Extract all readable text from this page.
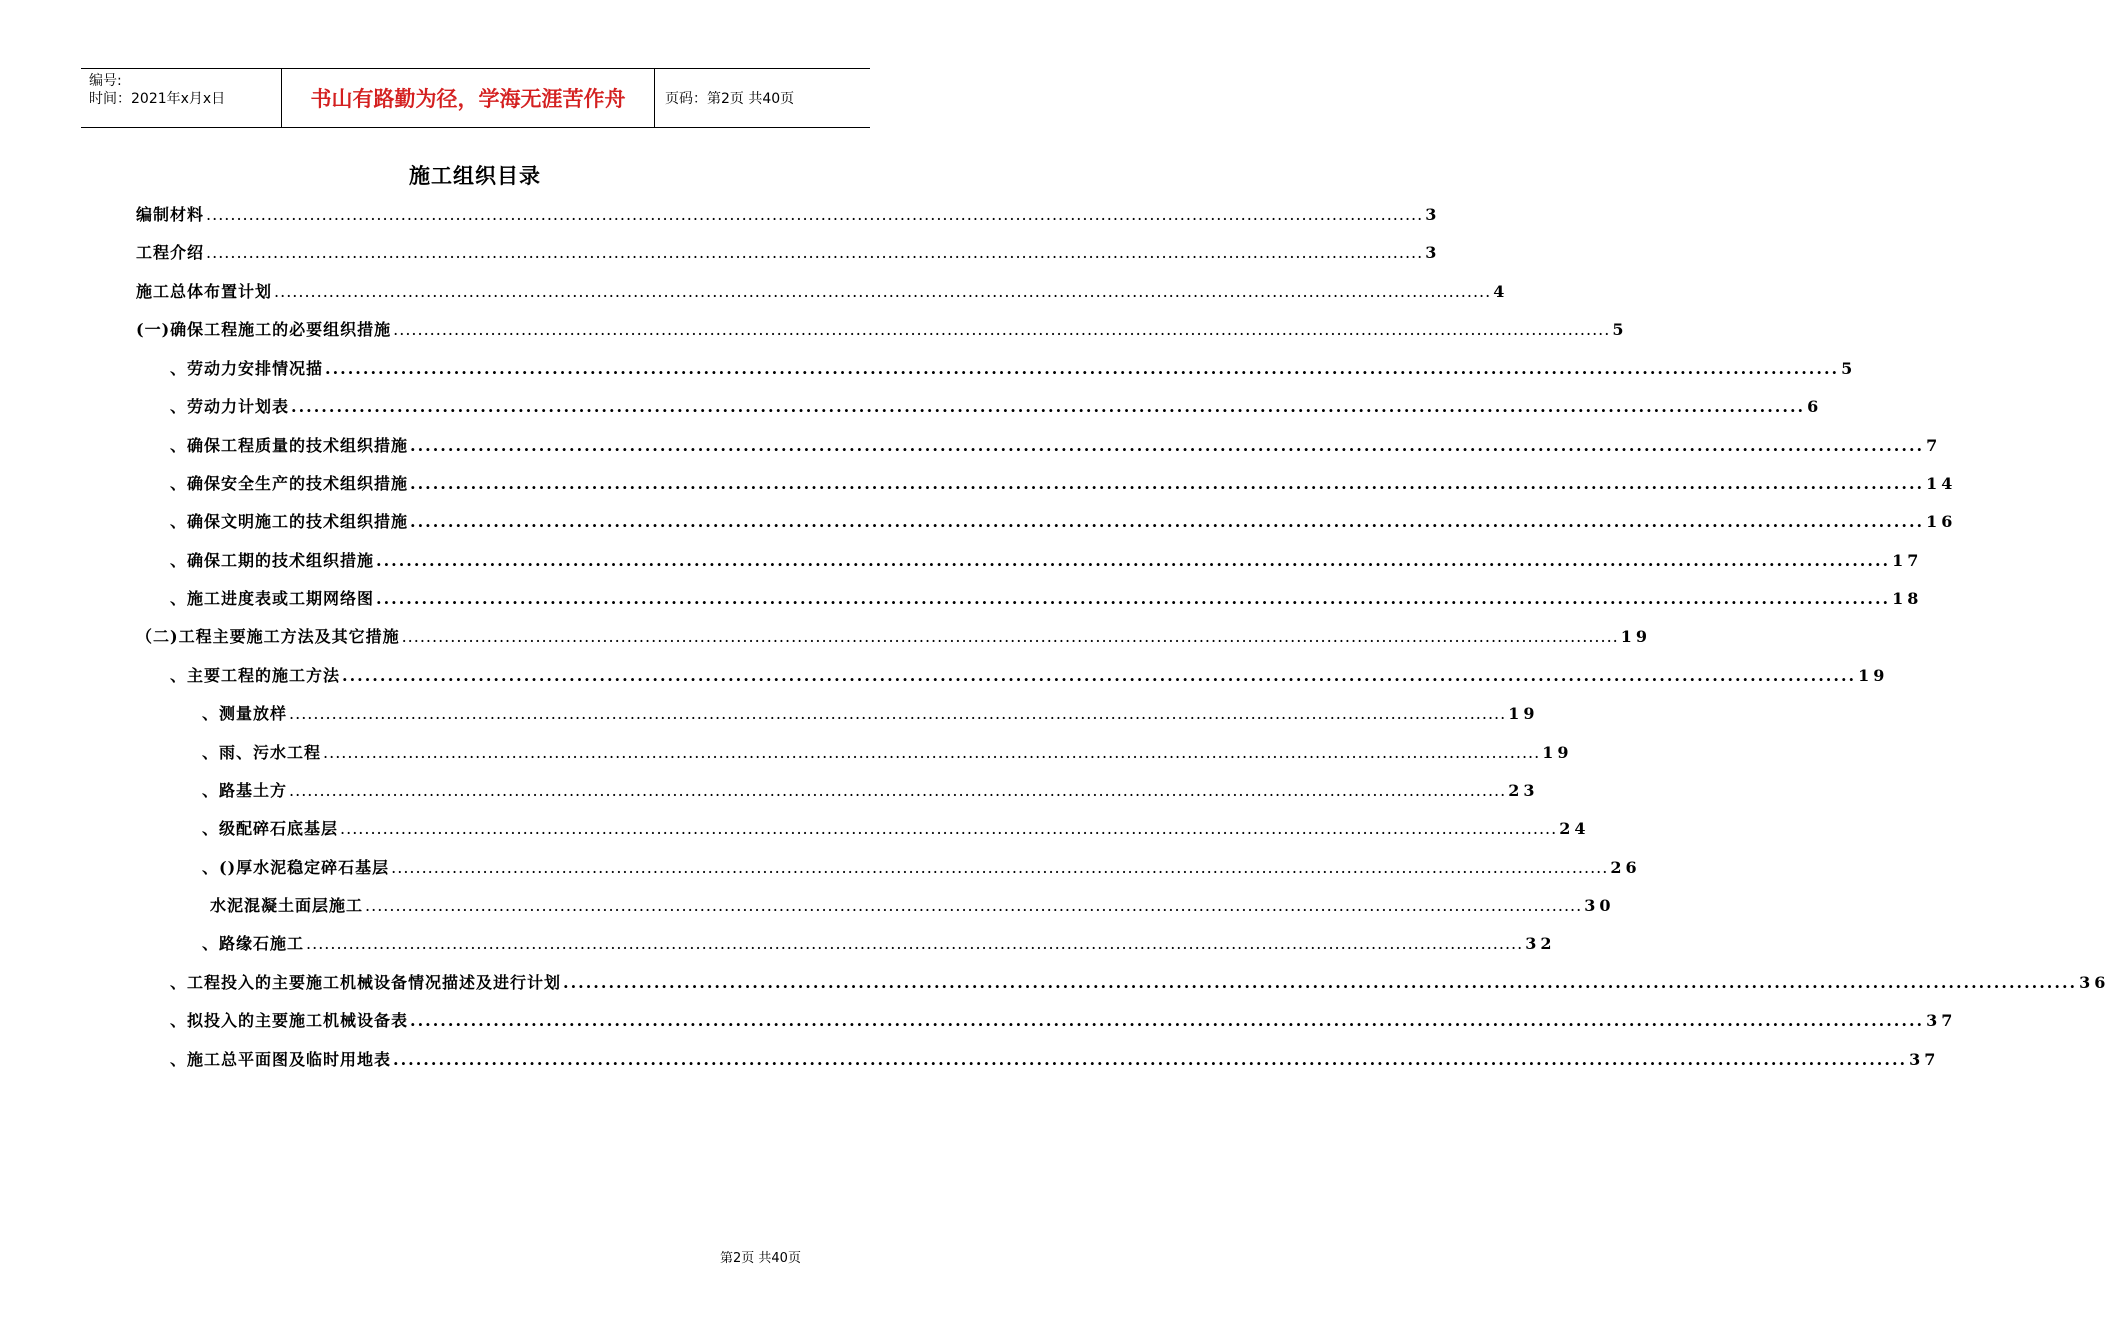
编号:
时间：2021年x月x日	书山有路勤为径，学海无涯苦作舟	页码：第2页 共40页
施工组织目录
编制材料 ........................................................................................................................................................................................................ 3
工程介绍 ........................................................................................................................................................................................................ 3
施工总体布置计划 ........................................................................................................................................................................................................ 4
(一)确保工程施工的必要组织措施 ........................................................................................................................................................................................................ 5
、劳动力安排情况描 ........................................................................................................................................................................................................ 5
、劳动力计划表 ........................................................................................................................................................................................................ 6
、确保工程质量的技术组织措施 ........................................................................................................................................................................................................ 7
、确保安全生产的技术组织措施 ........................................................................................................................................................................................................ 14
、确保文明施工的技术组织措施 ........................................................................................................................................................................................................ 16
、确保工期的技术组织措施 ........................................................................................................................................................................................................ 17
、施工进度表或工期网络图 ........................................................................................................................................................................................................ 18
（二)工程主要施工方法及其它措施 ........................................................................................................................................................................................................ 19
、主要工程的施工方法 ........................................................................................................................................................................................................ 19
、测量放样 ........................................................................................................................................................................................................ 19
、雨、污水工程 ........................................................................................................................................................................................................ 19
、路基土方 ........................................................................................................................................................................................................ 23
、级配碎石底基层 ........................................................................................................................................................................................................ 24
、()厚水泥稳定碎石基层 ........................................................................................................................................................................................................ 26
水泥混凝土面层施工 ........................................................................................................................................................................................................ 30
、路缘石施工 ........................................................................................................................................................................................................ 32
、工程投入的主要施工机械设备情况描述及进行计划 ........................................................................................................................................................................................................ 36
、拟投入的主要施工机械设备表 ........................................................................................................................................................................................................ 37
、施工总平面图及临时用地表 ........................................................................................................................................................................................................ 37
第2页 共40页
